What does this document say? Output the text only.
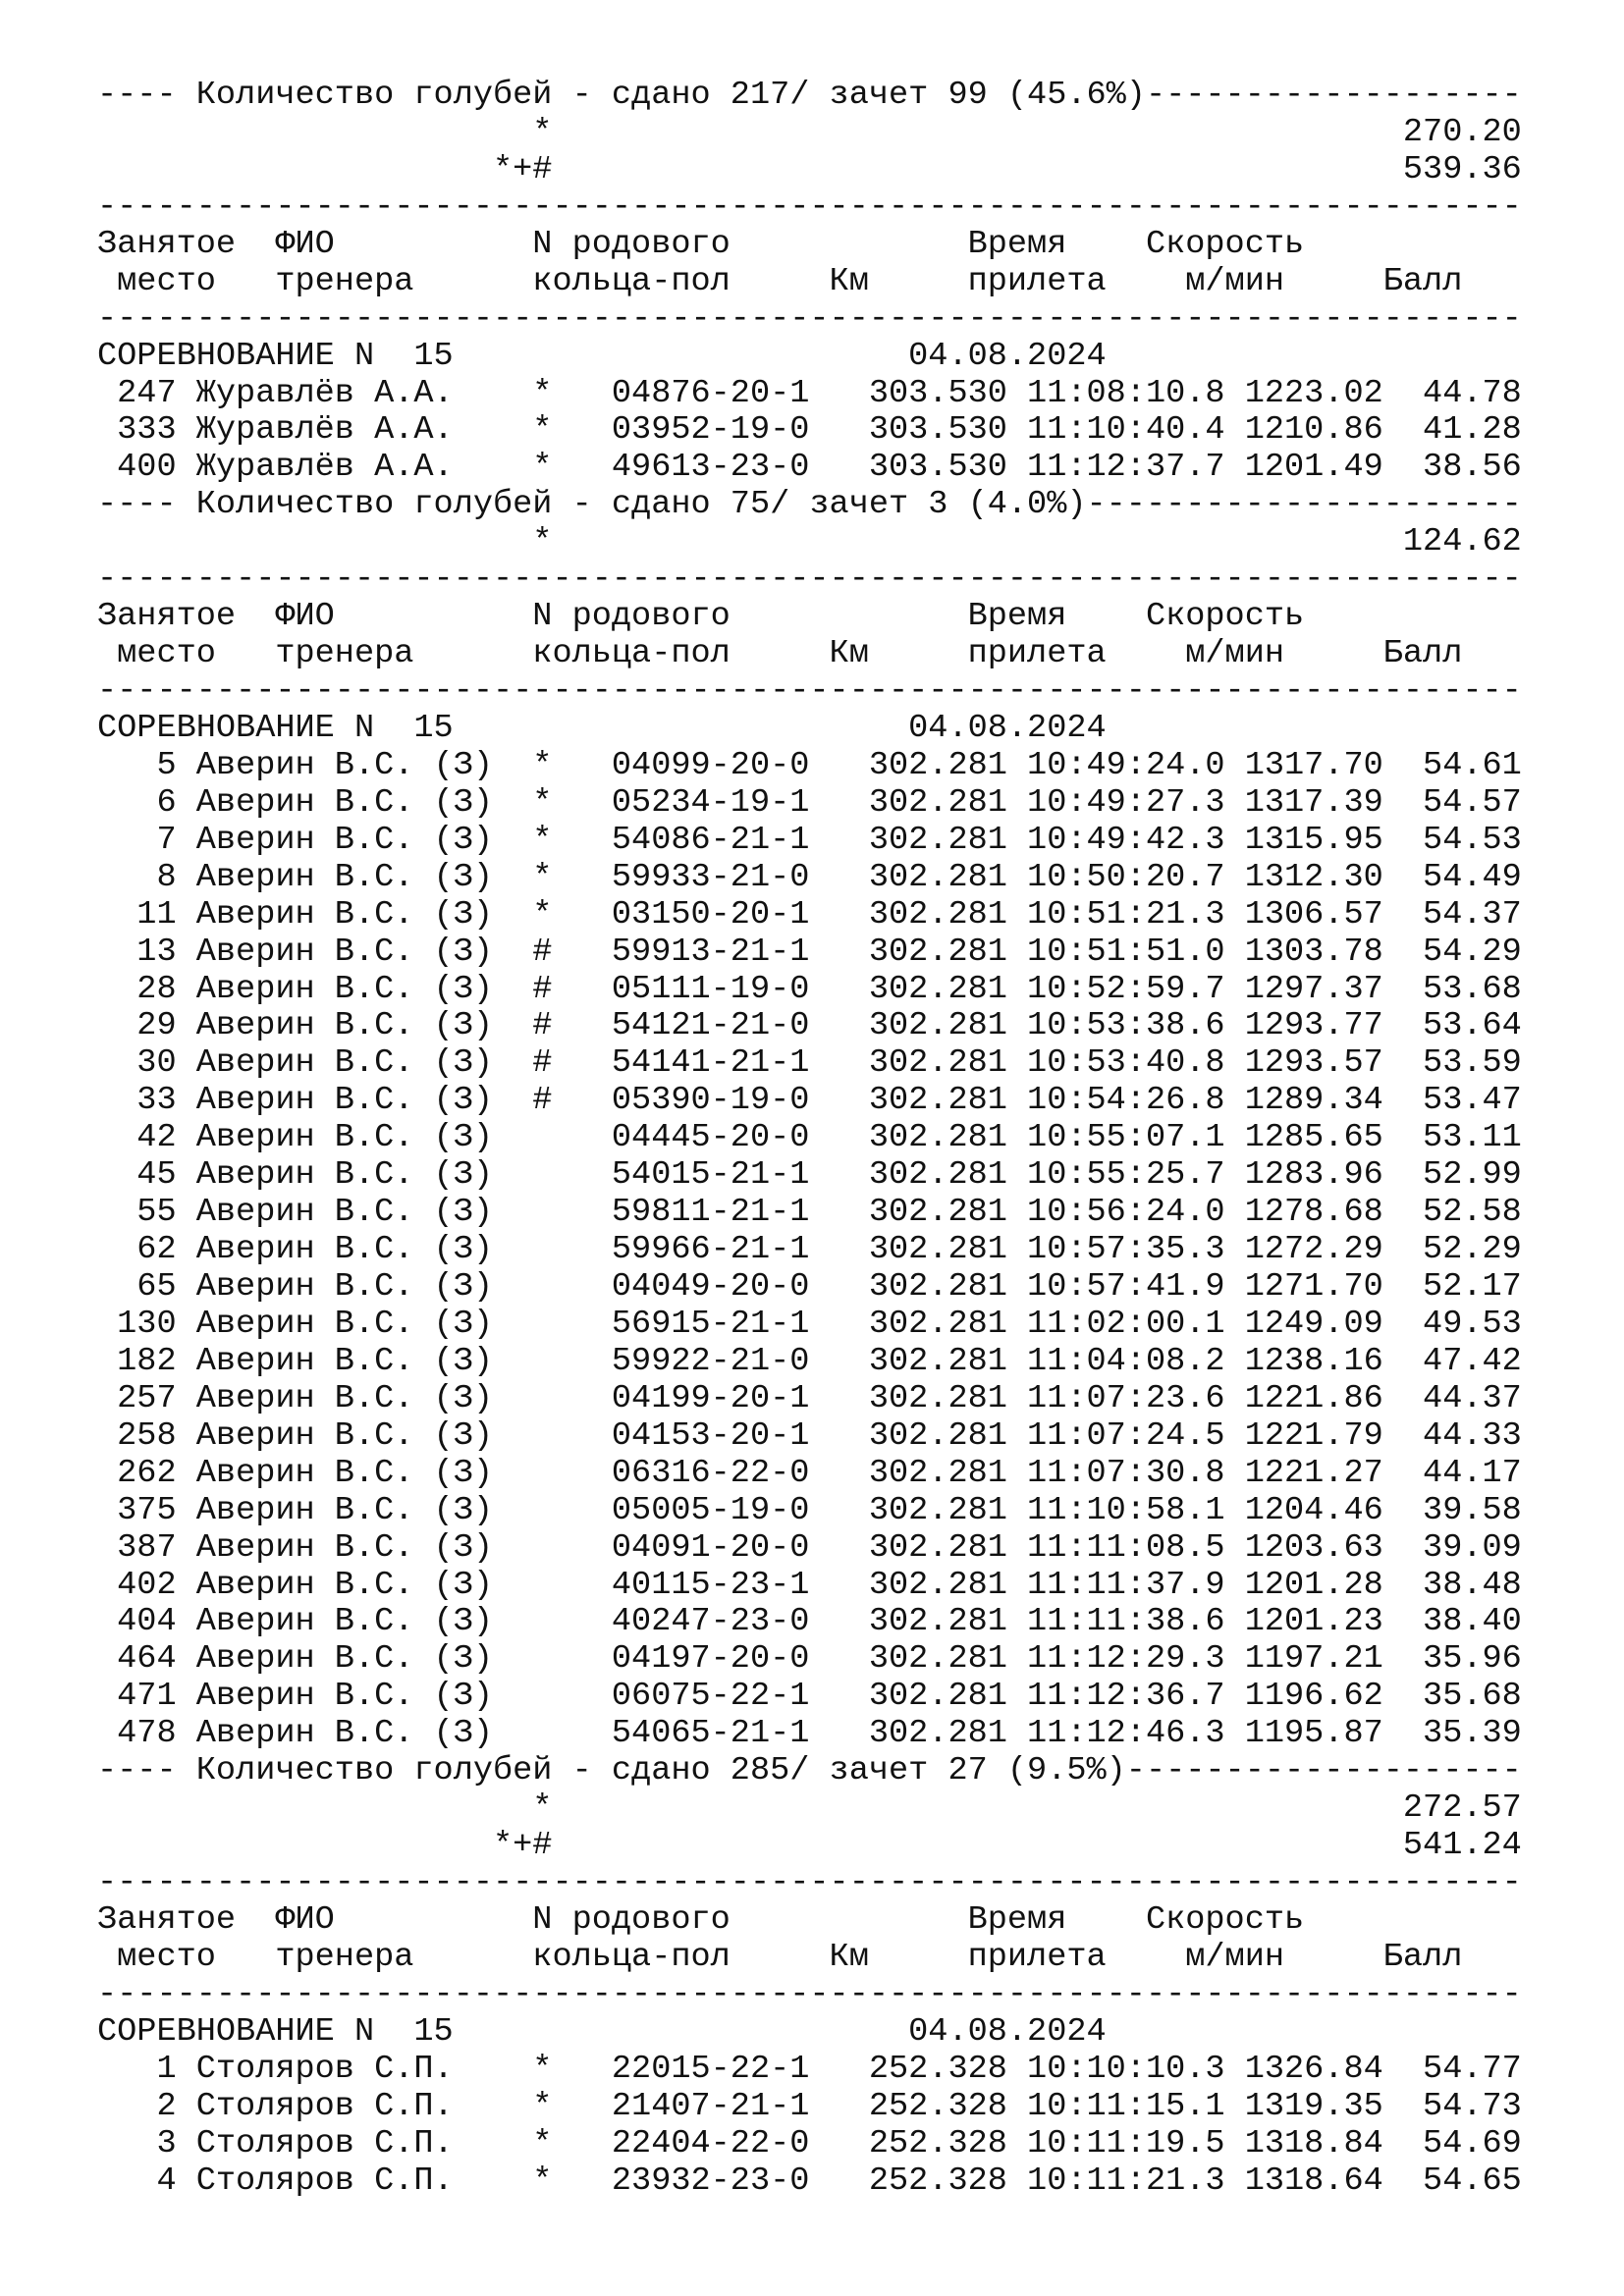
---- Количество голубей - сдано 217/ зачет 99 (45.6%)-------------------
*                                           270.20
*+#                                           539.36
------------------------------------------------------------------------
Занятое  ФИО          N родового            Время    Скорость
место   тренера      кольца-пол     Км     прилета    м/мин     Балл
------------------------------------------------------------------------
СОРЕВНОВАНИЕ N  15                       04.08.2024
247 Журавлёв А.А.    *   04876-20-1   303.530 11:08:10.8 1223.02  44.78
333 Журавлёв А.А.    *   03952-19-0   303.530 11:10:40.4 1210.86  41.28
400 Журавлёв А.А.    *   49613-23-0   303.530 11:12:37.7 1201.49  38.56
---- Количество голубей - сдано 75/ зачет 3 (4.0%)----------------------
*                                           124.62
------------------------------------------------------------------------
Занятое  ФИО          N родового            Время    Скорость
место   тренера      кольца-пол     Км     прилета    м/мин     Балл
------------------------------------------------------------------------
СОРЕВНОВАНИЕ N  15                       04.08.2024
5 Аверин В.С. (З)  *   04099-20-0   302.281 10:49:24.0 1317.70  54.61
6 Аверин В.С. (З)  *   05234-19-1   302.281 10:49:27.3 1317.39  54.57
7 Аверин В.С. (З)  *   54086-21-1   302.281 10:49:42.3 1315.95  54.53
8 Аверин В.С. (З)  *   59933-21-0   302.281 10:50:20.7 1312.30  54.49
11 Аверин В.С. (З)  *   03150-20-1   302.281 10:51:21.3 1306.57  54.37
13 Аверин В.С. (З)  #   59913-21-1   302.281 10:51:51.0 1303.78  54.29
28 Аверин В.С. (З)  #   05111-19-0   302.281 10:52:59.7 1297.37  53.68
29 Аверин В.С. (З)  #   54121-21-0   302.281 10:53:38.6 1293.77  53.64
30 Аверин В.С. (З)  #   54141-21-1   302.281 10:53:40.8 1293.57  53.59
33 Аверин В.С. (З)  #   05390-19-0   302.281 10:54:26.8 1289.34  53.47
42 Аверин В.С. (З)      04445-20-0   302.281 10:55:07.1 1285.65  53.11
45 Аверин В.С. (З)      54015-21-1   302.281 10:55:25.7 1283.96  52.99
55 Аверин В.С. (З)      59811-21-1   302.281 10:56:24.0 1278.68  52.58
62 Аверин В.С. (З)      59966-21-1   302.281 10:57:35.3 1272.29  52.29
65 Аверин В.С. (З)      04049-20-0   302.281 10:57:41.9 1271.70  52.17
130 Аверин В.С. (З)      56915-21-1   302.281 11:02:00.1 1249.09  49.53
182 Аверин В.С. (З)      59922-21-0   302.281 11:04:08.2 1238.16  47.42
257 Аверин В.С. (З)      04199-20-1   302.281 11:07:23.6 1221.86  44.37
258 Аверин В.С. (З)      04153-20-1   302.281 11:07:24.5 1221.79  44.33
262 Аверин В.С. (З)      06316-22-0   302.281 11:07:30.8 1221.27  44.17
375 Аверин В.С. (З)      05005-19-0   302.281 11:10:58.1 1204.46  39.58
387 Аверин В.С. (З)      04091-20-0   302.281 11:11:08.5 1203.63  39.09
402 Аверин В.С. (З)      40115-23-1   302.281 11:11:37.9 1201.28  38.48
404 Аверин В.С. (З)      40247-23-0   302.281 11:11:38.6 1201.23  38.40
464 Аверин В.С. (З)      04197-20-0   302.281 11:12:29.3 1197.21  35.96
471 Аверин В.С. (З)      06075-22-1   302.281 11:12:36.7 1196.62  35.68
478 Аверин В.С. (З)      54065-21-1   302.281 11:12:46.3 1195.87  35.39
---- Количество голубей - сдано 285/ зачет 27 (9.5%)--------------------
*                                           272.57
*+#                                           541.24
------------------------------------------------------------------------
Занятое  ФИО          N родового            Время    Скорость
место   тренера      кольца-пол     Км     прилета    м/мин     Балл
------------------------------------------------------------------------
СОРЕВНОВАНИЕ N  15                       04.08.2024
1 Столяров С.П.    *   22015-22-1   252.328 10:10:10.3 1326.84  54.77
2 Столяров С.П.    *   21407-21-1   252.328 10:11:15.1 1319.35  54.73
3 Столяров С.П.    *   22404-22-0   252.328 10:11:19.5 1318.84  54.69
4 Столяров С.П.    *   23932-23-0   252.328 10:11:21.3 1318.64  54.65
